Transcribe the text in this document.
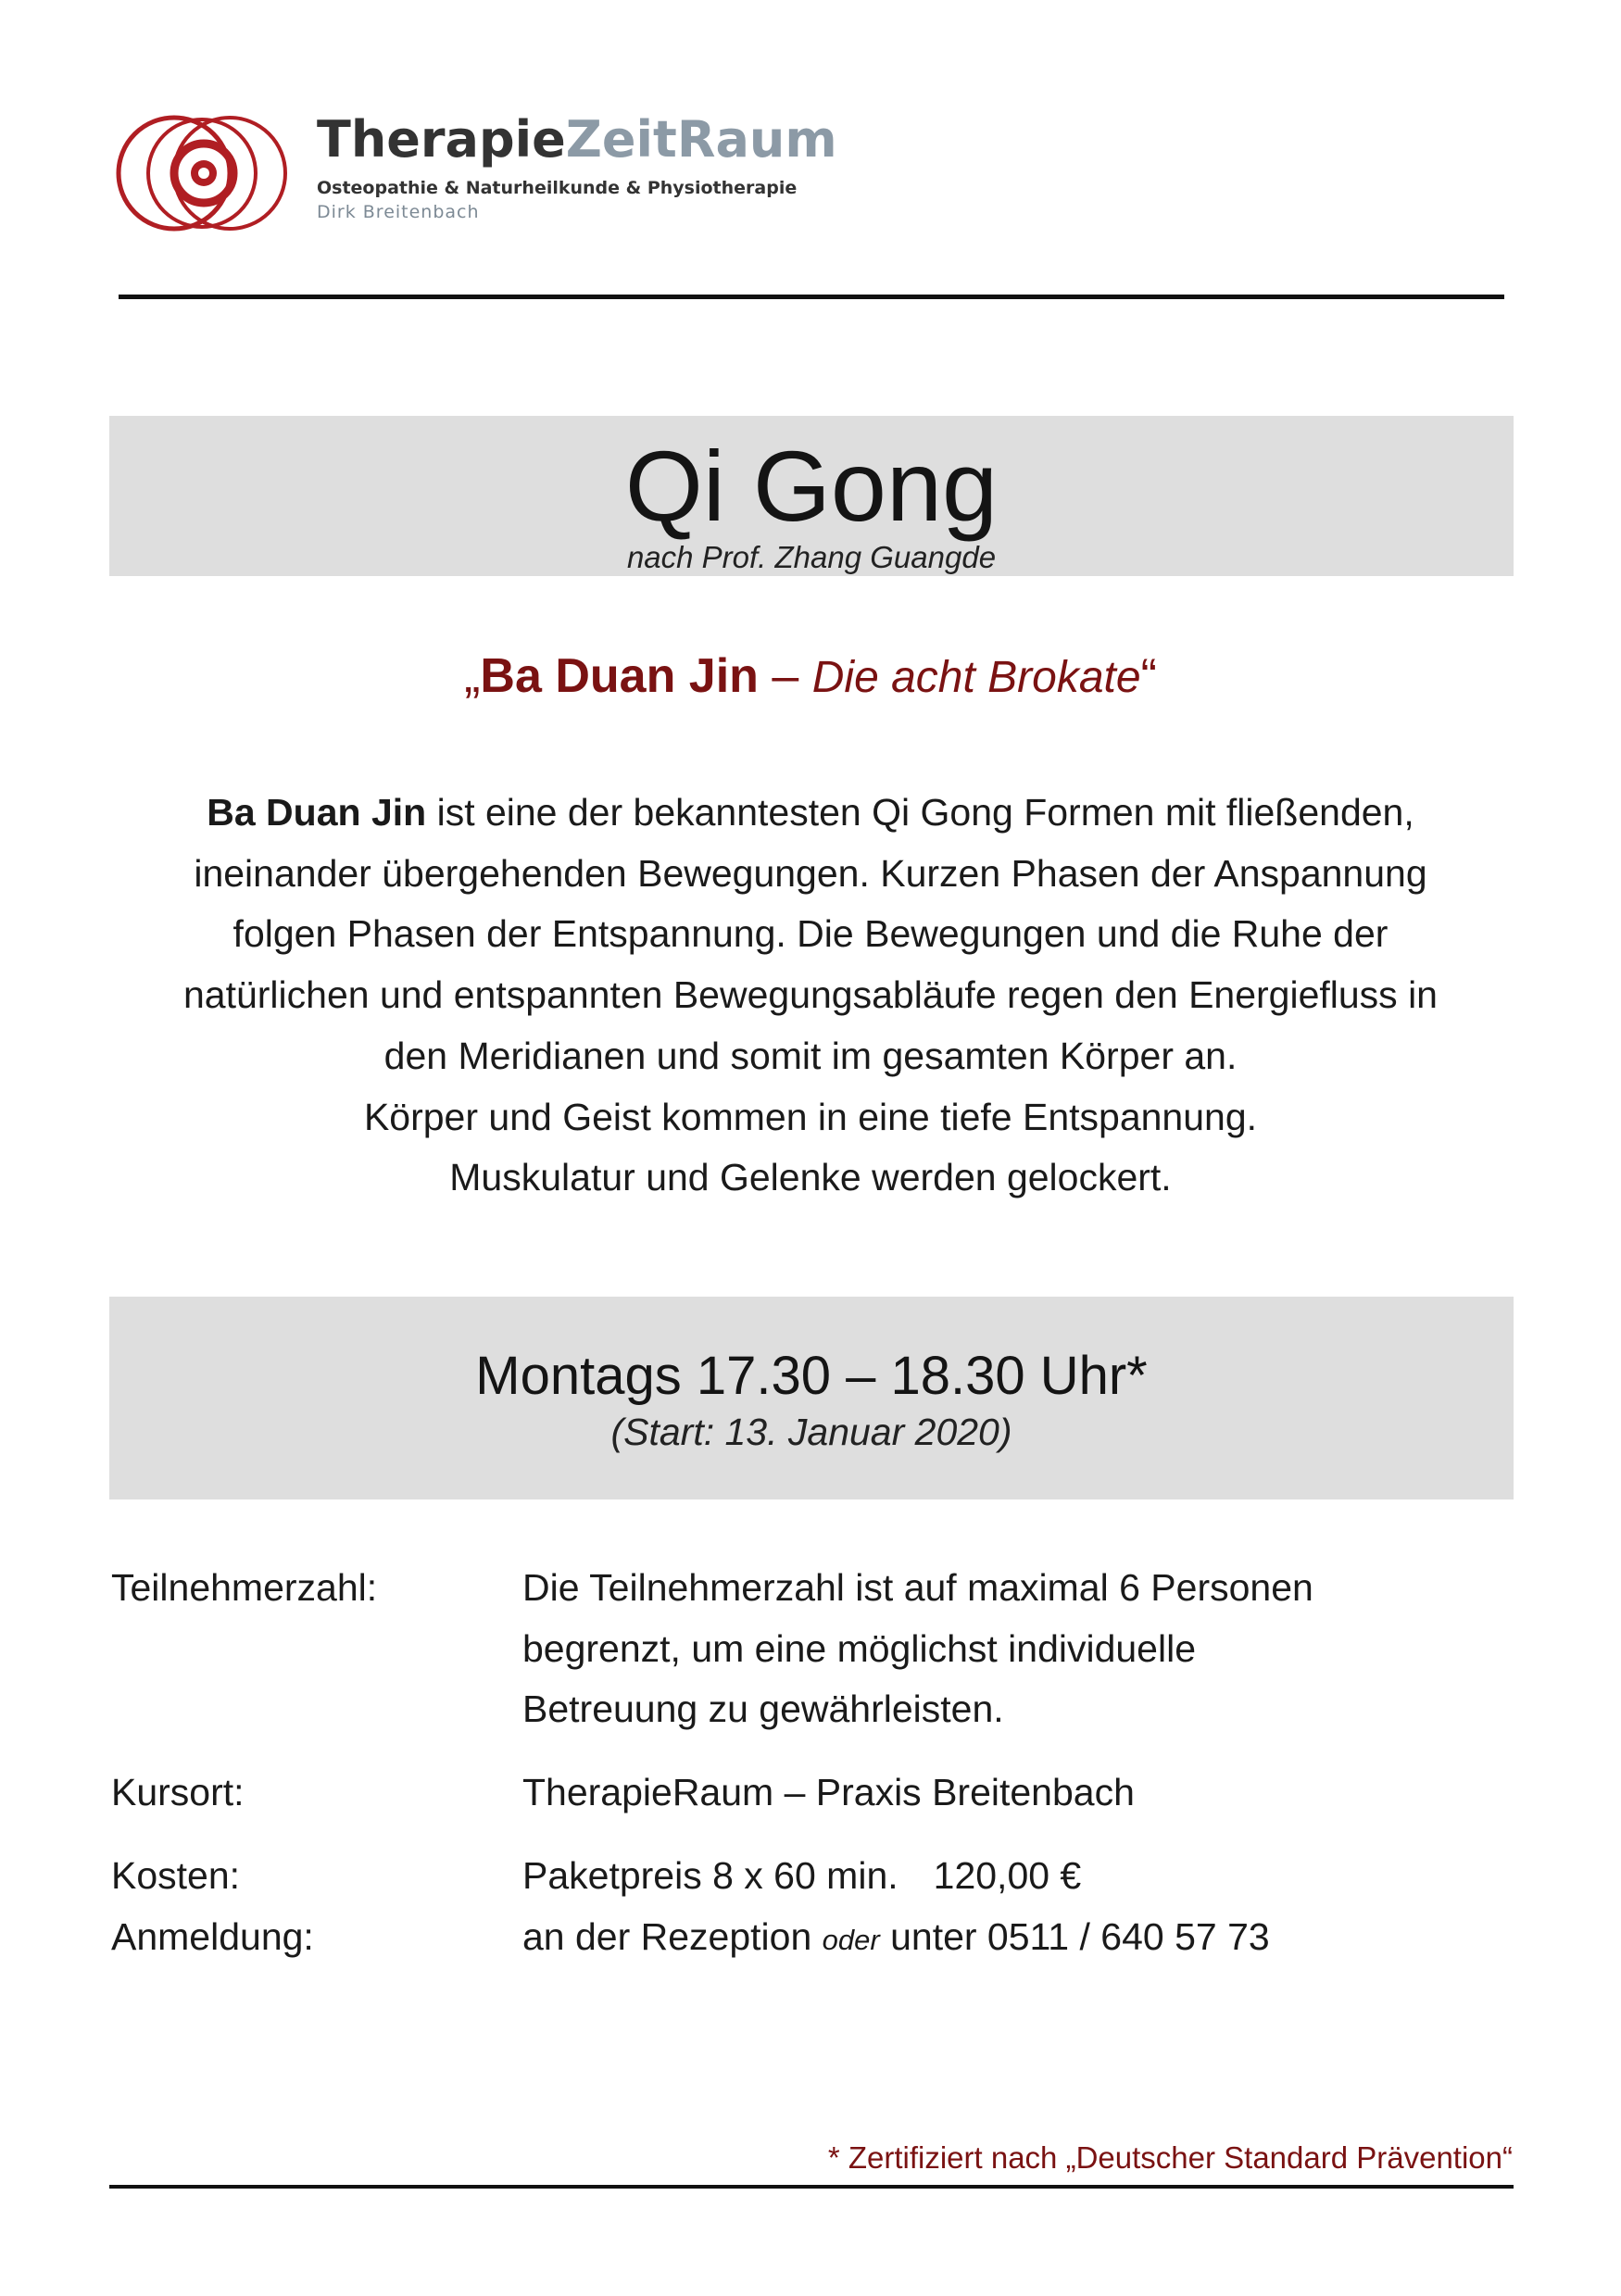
TherapieZeitRaum
Osteopathie & Naturheilkunde & Physiotherapie
Dirk Breitenbach
Qi Gong
nach Prof. Zhang Guangde
„Ba Duan Jin – Die acht Brokate“
Ba Duan Jin ist eine der bekanntesten Qi Gong Formen mit fließenden,
ineinander übergehenden Bewegungen. Kurzen Phasen der Anspannung
folgen Phasen der Entspannung. Die Bewegungen und die Ruhe der
natürlichen und entspannten Bewegungsabläufe regen den Energiefluss in
den Meridianen und somit im gesamten Körper an.
Körper und Geist kommen in eine tiefe Entspannung.
Muskulatur und Gelenke werden gelockert.
Montags 17.30 – 18.30 Uhr*
(Start: 13. Januar 2020)
Teilnehmerzahl:	Die Teilnehmerzahl ist auf maximal 6 Personen
begrenzt, um eine möglichst individuelle
Betreuung zu gewährleisten.
Kursort:	TherapieRaum – Praxis Breitenbach
Kosten:	Paketpreis 8 x 60 min. 120,00 €
Anmeldung:	an der Rezeption oder unter 0511 / 640 57 73
* Zertifiziert nach „Deutscher Standard Prävention“
